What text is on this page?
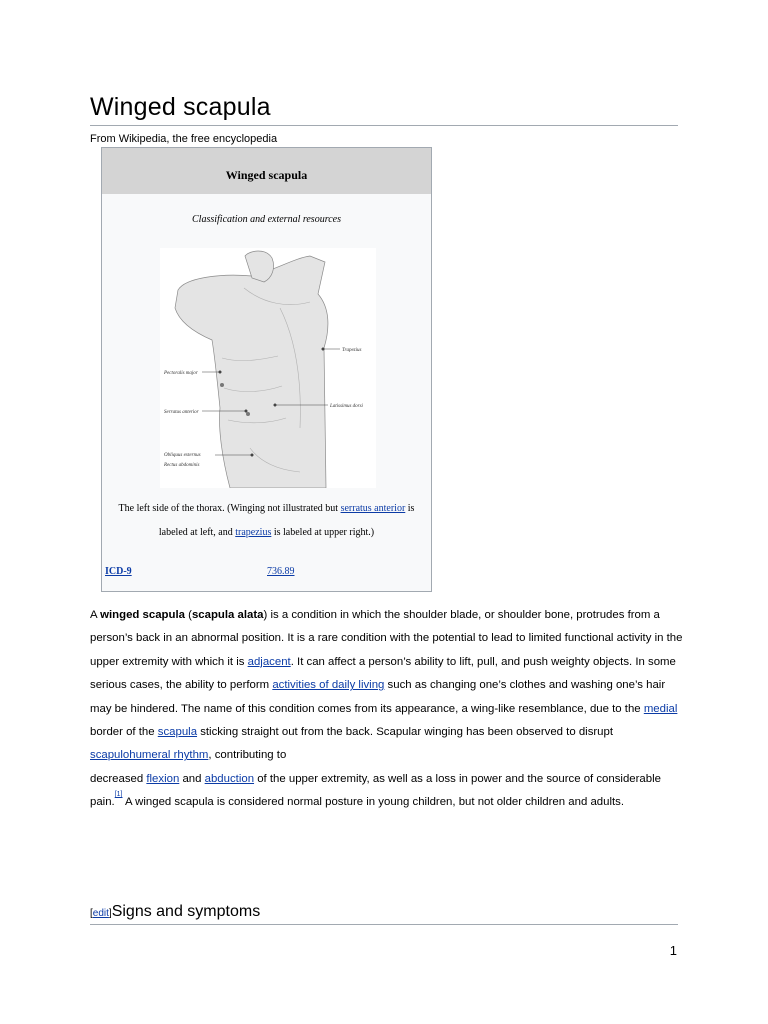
Winged scapula
From Wikipedia, the free encyclopedia
Winged scapula
Classification and external resources
Trapezius
Pectoralis major
Latissimus dorsi
Serratus anterior
Obliquus externus
Rectus abdominis
The left side of the thorax. (Winging not illustrated but serratus anterior is labeled at left, and trapezius is labeled at upper right.)
ICD-9	736.89
A winged scapula (scapula alata) is a condition in which the shoulder blade, or shoulder bone, protrudes from a person’s back in an abnormal position. It is a rare condition with the potential to lead to limited functional activity in the upper extremity with which it is adjacent. It can affect a person’s ability to lift, pull, and push weighty objects. In some serious cases, the ability to perform activities of daily living such as changing one’s clothes and washing one’s hair may be hindered. The name of this condition comes from its appearance, a wing-like resemblance, due to the medial border of the scapula sticking straight out from the back. Scapular winging has been observed to disrupt scapulohumeral rhythm, contributing to
decreased flexion and abduction of the upper extremity, as well as a loss in power and the source of considerable pain.[1] A winged scapula is considered normal posture in young children, but not older children and adults.
[edit]Signs and symptoms
1
